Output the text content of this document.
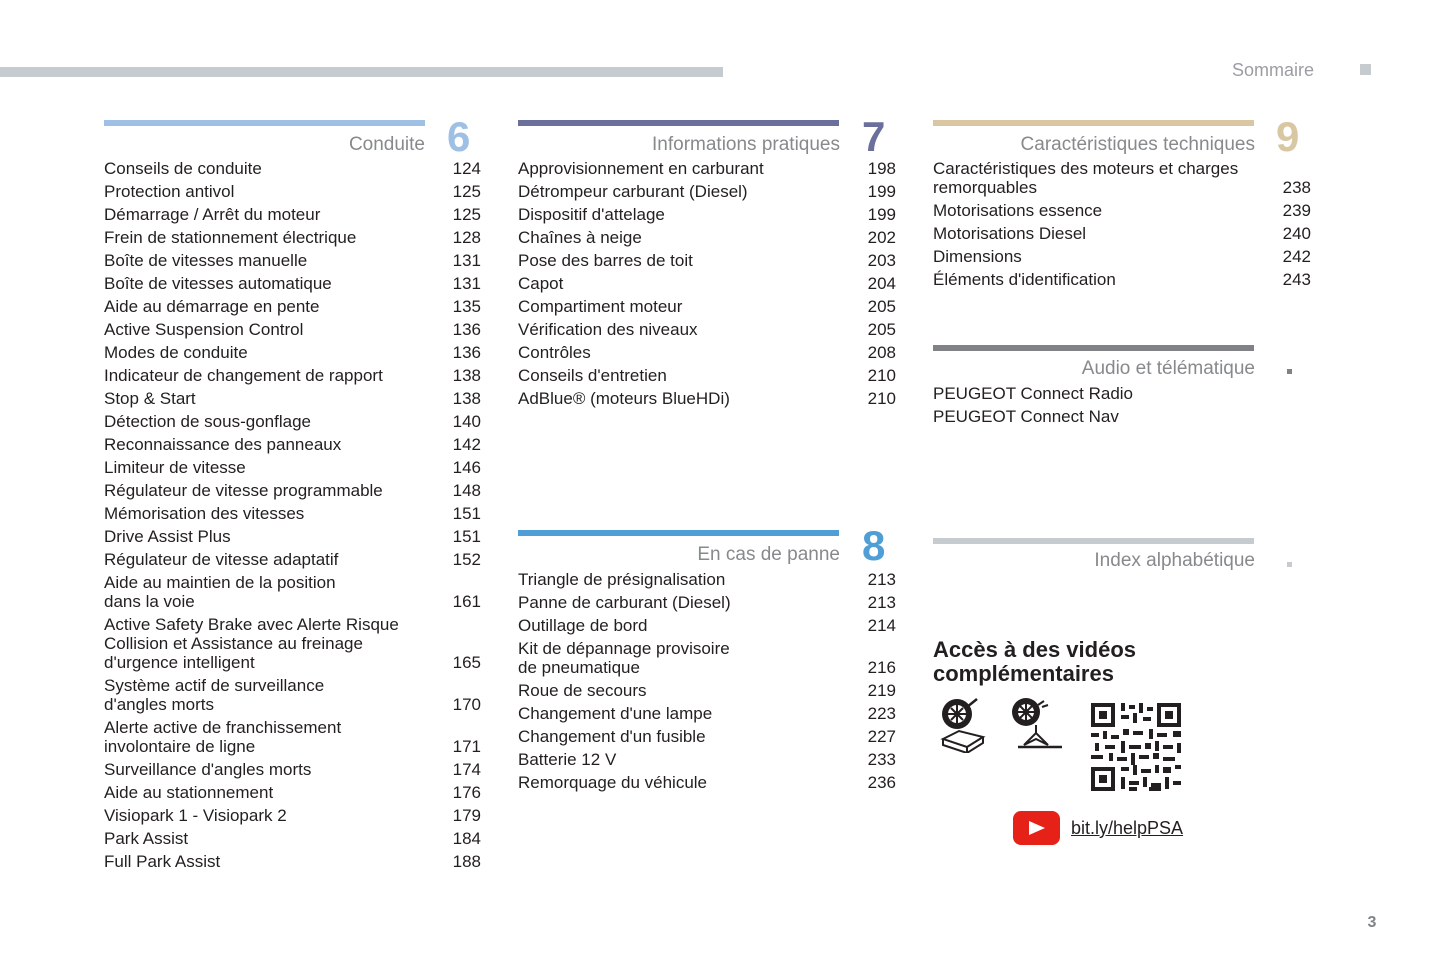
Sommaire
Conduite 6
Conseils de conduite	124
Protection antivol	125
Démarrage / Arrêt du moteur	125
Frein de stationnement électrique	128
Boîte de vitesses manuelle	131
Boîte de vitesses automatique	131
Aide au démarrage en pente	135
Active Suspension Control	136
Modes de conduite	136
Indicateur de changement de rapport	138
Stop & Start	138
Détection de sous-gonflage	140
Reconnaissance des panneaux	142
Limiteur de vitesse	146
Régulateur de vitesse programmable	148
Mémorisation des vitesses	151
Drive Assist Plus	151
Régulateur de vitesse adaptatif	152
Aide au maintien de la position
dans la voie	161
Active Safety Brake avec Alerte Risque
Collision et Assistance au freinage
d'urgence intelligent	165
Système actif de surveillance
d'angles morts	170
Alerte active de franchissement
involontaire de ligne	171
Surveillance d'angles morts	174
Aide au stationnement	176
Visiopark 1 - Visiopark 2	179
Park Assist	184
Full Park Assist	188
Informations pratiques 7
Approvisionnement en carburant	198
Détrompeur carburant (Diesel)	199
Dispositif d'attelage	199
Chaînes à neige	202
Pose des barres de toit	203
Capot	204
Compartiment moteur	205
Vérification des niveaux	205
Contrôles	208
Conseils d'entretien	210
AdBlue® (moteurs BlueHDi)	210
En cas de panne 8
Triangle de présignalisation	213
Panne de carburant (Diesel)	213
Outillage de bord	214
Kit de dépannage provisoire
de pneumatique	216
Roue de secours	219
Changement d'une lampe	223
Changement d'un fusible	227
Batterie 12 V	233
Remorquage du véhicule	236
Caractéristiques techniques 9
Caractéristiques des moteurs et charges
remorquables	238
Motorisations essence	239
Motorisations Diesel	240
Dimensions	242
Éléments d'identification	243
Audio et télématique
PEUGEOT Connect Radio
PEUGEOT Connect Nav
Index alphabétique
Accès à des vidéos
complémentaires
bit.ly/helpPSA
3
